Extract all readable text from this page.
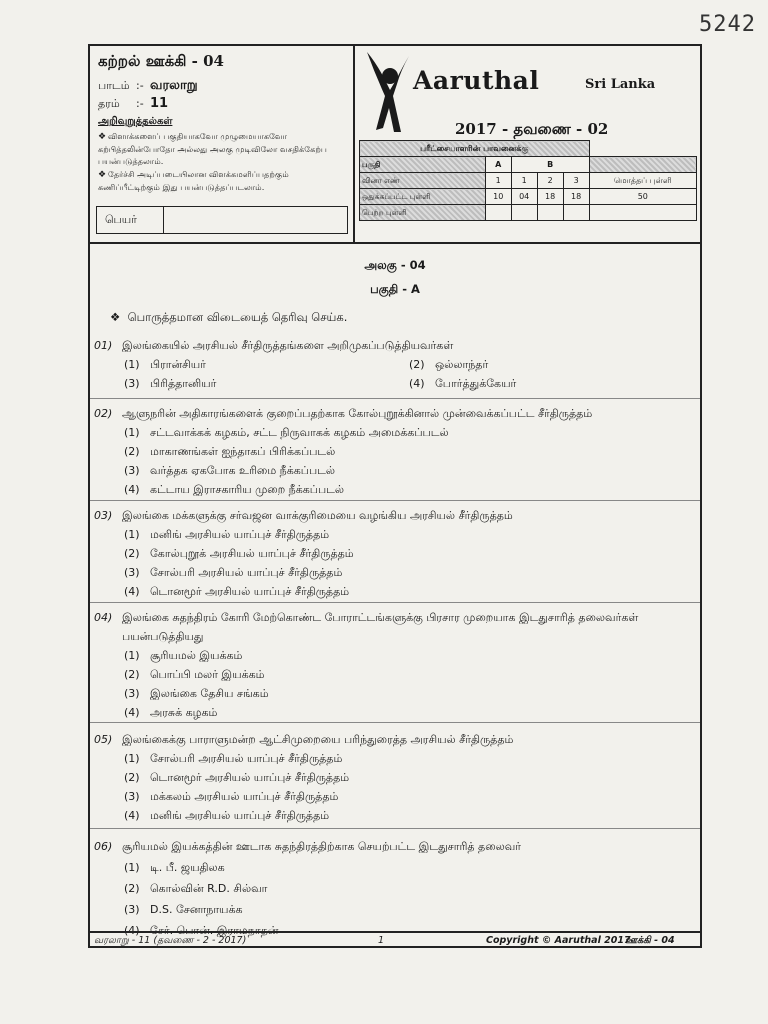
5242
கற்றல் ஊக்கி - 04
பாடம் :- வரலாறு
தரம் :- 11
அறிவுறுத்தல்கள்
❖ விளாக்களைப் பகுதியாகவோ முழுமையாகவோ கற்பித்தலின்போதோ அல்லது அலகு முடிவிலோ வசதிக்கேற்ப பயன்படுத்தலாம்.
❖ தேர்ச்சி அடிப்படையிலான விளக்கமளிப்பதற்கும் கணிப்பீட்டிற்கும் இது பயன்படுத்தப்படலாம்.
பெயர்
Aaruthal	Sri Lanka
2017 - தவணை - 02
பரீட்சையாளரின் பாவனைக்கு					
பகுதி	A	B			
வினா எண்	1	1	2	3	மொத்தப் புள்ளி
ஒதுக்கப்பட்ட புள்ளி	10	04	18	18	50
பெற்ற புள்ளி					
அலகு - 04
பகுதி - A
❖ பொருத்தமான விடையைத் தெரிவு செய்க.
01) இலங்கையில் அரசியல் சீர்திருத்தங்களை அறிமுகப்படுத்தியவர்கள்
(1) பிரான்சியர்	(2) ஒல்லாந்தர்
(3) பிரித்தானியர்	(4) போர்த்துக்கேயர்
02) ஆளுநரின் அதிகாரங்களைக் குறைப்பதற்காக கோல்புறூக்கினால் முன்வைக்கப்பட்ட சீர்திருத்தம்
(1) சட்டவாக்கக் கழகம், சட்ட நிருவாகக் கழகம் அமைக்கப்படல்
(2) மாகாணங்கள் ஐந்தாகப் பிரிக்கப்படல்
(3) வர்த்தக ஏகபோக உரிமை நீக்கப்படல்
(4) கட்டாய இராசகாரிய முறை நீக்கப்படல்
03) இலங்கை மக்களுக்கு சர்வஜன வாக்குரிமையை வழங்கிய அரசியல் சீர்திருத்தம்
(1) மனிங் அரசியல் யாப்புச் சீர்திருத்தம்
(2) கோல்புறூக் அரசியல் யாப்புச் சீர்திருத்தம்
(3) சோல்பரி அரசியல் யாப்புச் சீர்திருத்தம்
(4) டொனமூர் அரசியல் யாப்புச் சீர்திருத்தம்
04) இலங்கை சுதந்திரம் கோரி மேற்கொண்ட போராட்டங்களுக்கு பிரசார முறையாக இடதுசாரித் தலைவர்கள் பயன்படுத்தியது
(1) சூரியமல் இயக்கம்
(2) பொப்பி மலர் இயக்கம்
(3) இலங்கை தேசிய சங்கம்
(4) அரசுக் கழகம்
05) இலங்கைக்கு பாராளுமன்ற ஆட்சிமுறையை பரிந்துரைத்த அரசியல் சீர்திருத்தம்
(1) சோல்பரி அரசியல் யாப்புச் சீர்திருத்தம்
(2) டொனமூர் அரசியல் யாப்புச் சீர்திருத்தம்
(3) மக்கலம் அரசியல் யாப்புச் சீர்திருத்தம்
(4) மனிங் அரசியல் யாப்புச் சீர்திருத்தம்
06) சூரியமல் இயக்கத்தின் ஊடாக சுதந்திரத்திற்காக செயற்பட்ட இடதுசாரித் தலைவர்
(1) டி. பீ. ஜயதிலக
(2) கொல்வின் R.D. சில்வா
(3) D.S. சேனாநாயக்க
(4) சேர். பொன். இராமநாதன்
வரலாறு - 11 (தவணை - 2 - 2017)	1	Copyright © Aaruthal 2017
ஊக்கி - 04
